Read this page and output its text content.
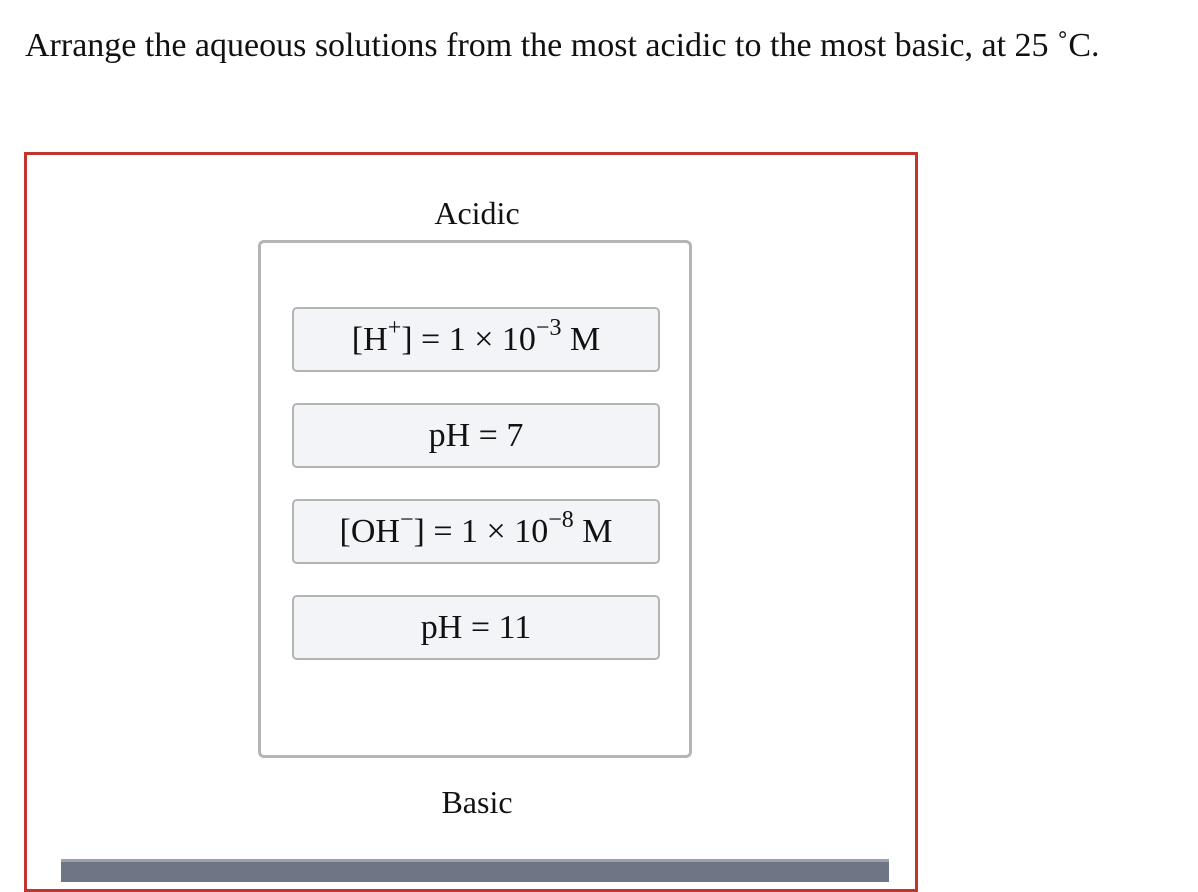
Arrange the aqueous solutions from the most acidic to the most basic, at 25 ˚C.
Acidic
$[H^+] = 1 \times 10^{-3}$ M
pH = 7
$[OH^-] = 1 \times 10^{-8}$ M
pH = 11
Basic
